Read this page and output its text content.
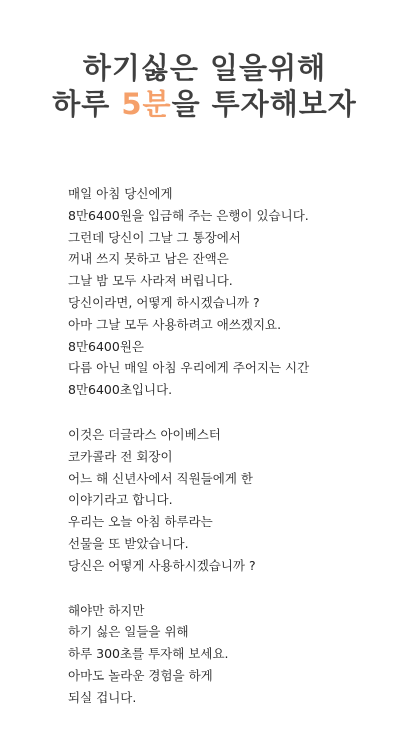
하기싫은 일을위해
하루 5분을 투자해보자
매일 아침 당신에게
8만6400원을 입금해 주는 은행이 있습니다.
그런데 당신이 그날 그 통장에서
꺼내 쓰지 못하고 남은 잔액은
그날 밤 모두 사라져 버립니다.
당신이라면, 어떻게 하시겠습니까 ?
아마 그날 모두 사용하려고 애쓰겠지요.
8만6400원은
다름 아닌 매일 아침 우리에게 주어지는 시간
8만6400초입니다.
이것은 더글라스 아이베스터
코카콜라 전 회장이
어느 해 신년사에서 직원들에게 한
이야기라고 합니다.
우리는 오늘 아침 하루라는
선물을 또 받았습니다.
당신은 어떻게 사용하시겠습니까 ?
해야만 하지만
하기 싫은 일들을 위해
하루 300초를 투자해 보세요.
아마도 놀라운 경험을 하게
되실 겁니다.
